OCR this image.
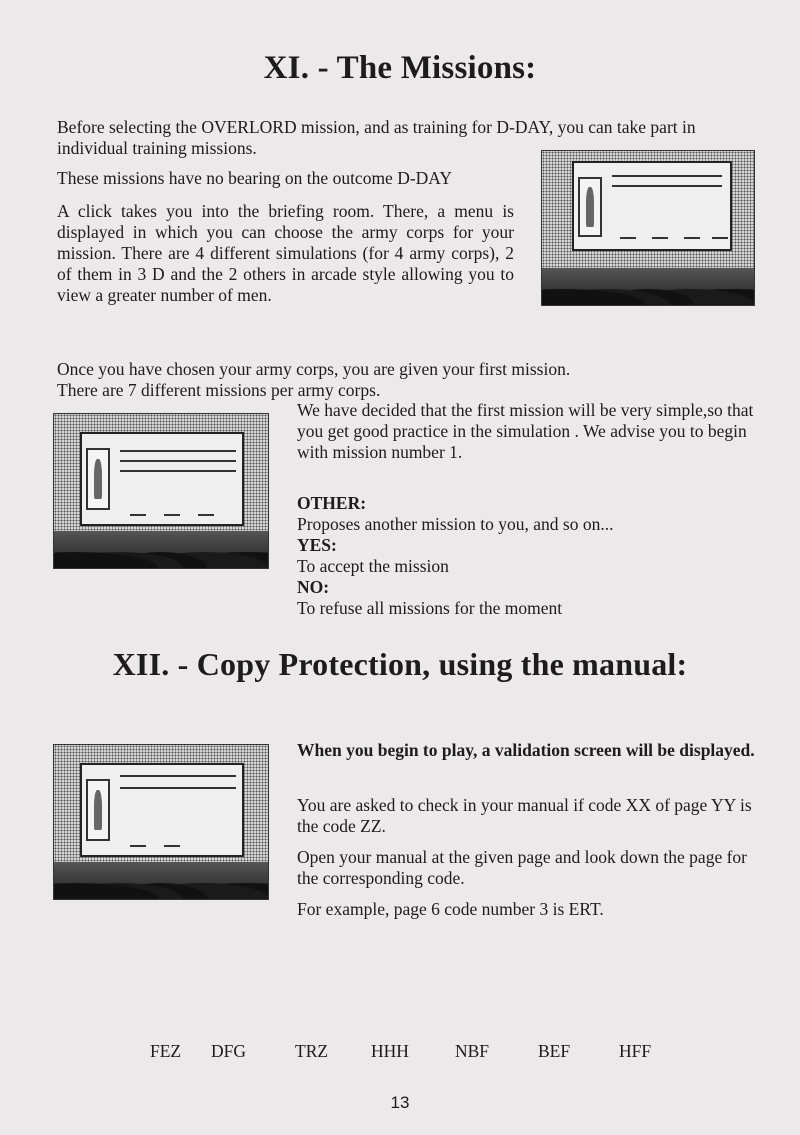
XI. - The Missions:

Before selecting the OVERLORD mission, and as training for D-DAY, you can take part in individual training missions.

These missions have no bearing on the outcome D-DAY

A click takes you into the briefing room. There, a menu is displayed in which you can choose the army corps for your mission. There are 4 different simulations (for 4 army corps), 2 of them in 3 D and the 2 others in arcade style allowing you to view a greater number of men.

Once you have chosen your army corps, you are given your first mission.

There are 7 different missions per army corps.

We have decided that the first mission will be very simple,so that you get good practice in the simulation . We advise you to begin with mission number 1.

OTHER:
Proposes another mission to you, and so on...
YES:
To accept the mission
NO:
To refuse all missions for the moment
XII. - Copy Protection, using the manual:

When you begin to play, a validation screen will be displayed.

You are asked to check in your manual if code XX of page YY is the code ZZ.

Open your manual at the given page and look down the page for the corresponding code.

For example, page 6 code number 3 is ERT.

FEZ DFG	TRZ HHH	NBF	BEF	HFF
13
